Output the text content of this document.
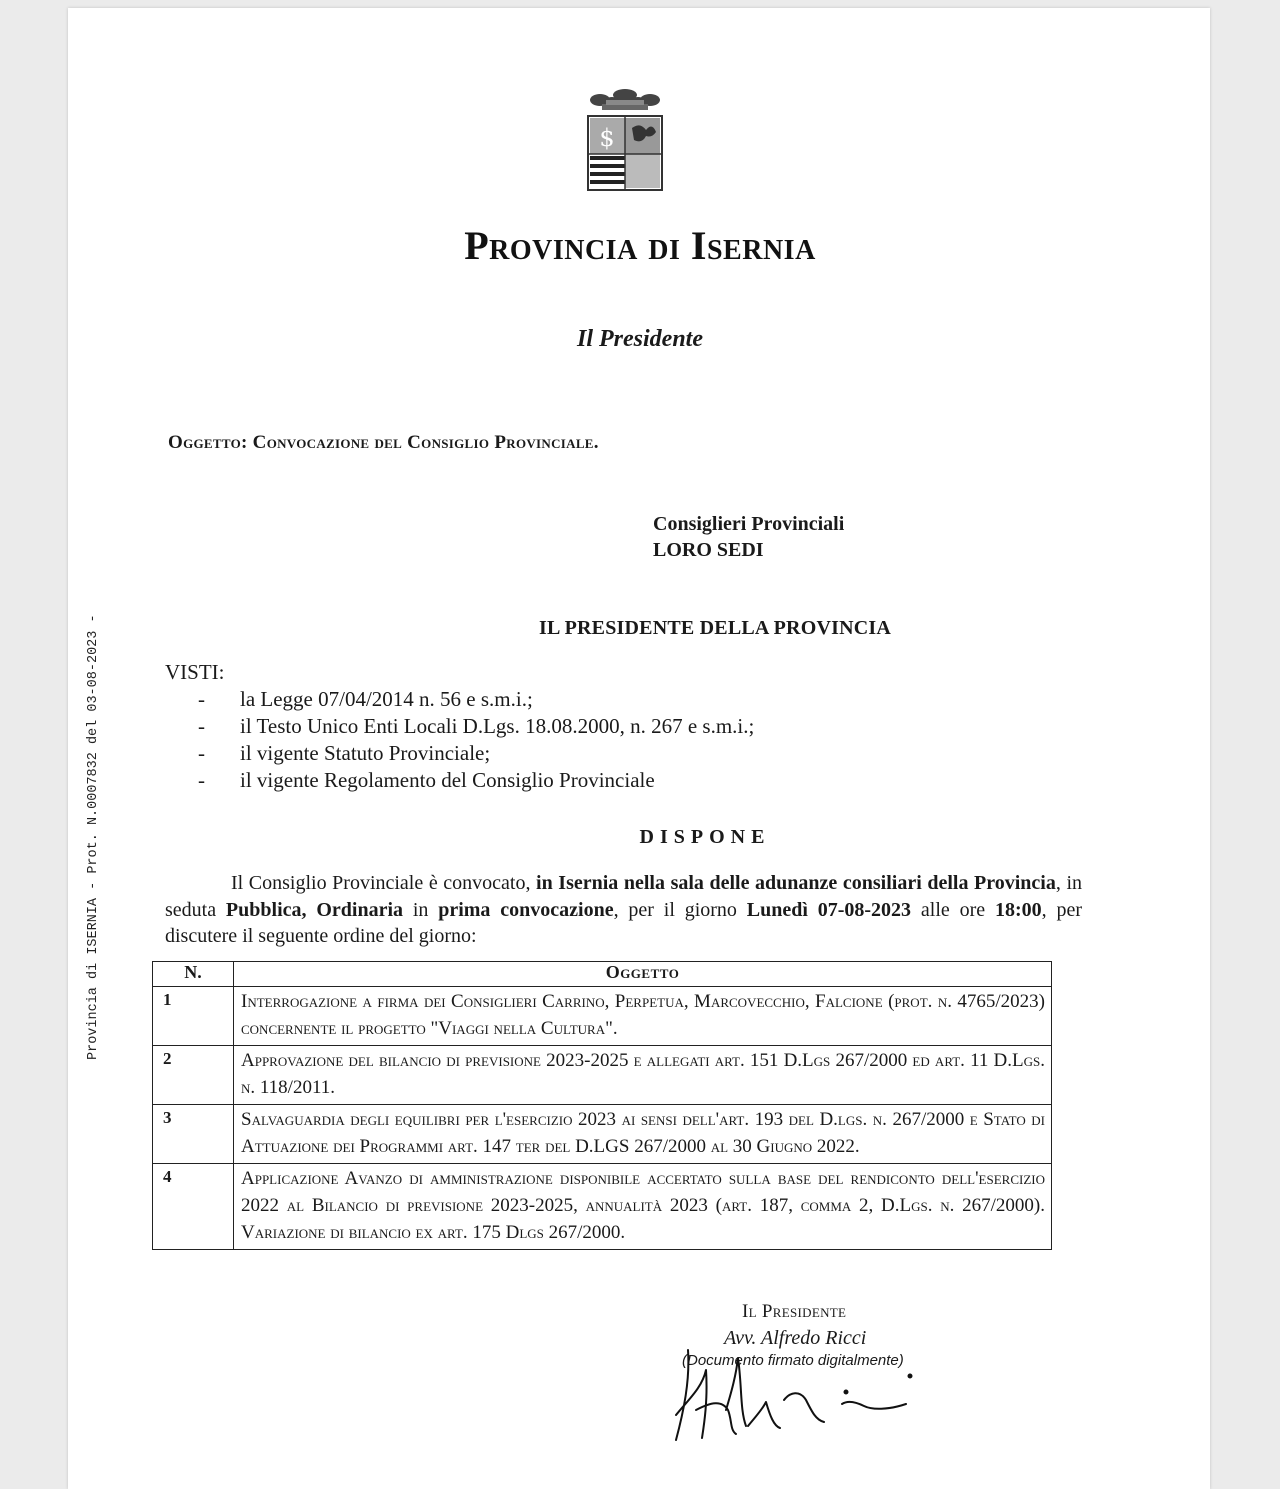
Provincia di ISERNIA - Prot. N.0007832 del 03-08-2023 -
$
Provincia di Isernia
Il Presidente
Oggetto: Convocazione del Consiglio Provinciale.
Consiglieri Provinciali
LORO SEDI
IL PRESIDENTE DELLA PROVINCIA
VISTI:
- la Legge 07/04/2014 n. 56 e s.m.i.;
- il Testo Unico Enti Locali D.Lgs. 18.08.2000, n. 267 e s.m.i.;
- il vigente Statuto Provinciale;
- il vigente Regolamento del Consiglio Provinciale
DISPONE
Il Consiglio Provinciale è convocato, in Isernia nella sala delle adunanze consiliari della Provincia, in seduta Pubblica, Ordinaria in prima convocazione, per il giorno Lunedì 07-08-2023 alle ore 18:00, per discutere il seguente ordine del giorno:
N.	Oggetto
1	Interrogazione a firma dei Consiglieri Carrino, Perpetua, Marcovecchio, Falcione (prot. n. 4765/2023) concernente il progetto "Viaggi nella Cultura".
2	Approvazione del bilancio di previsione 2023-2025 e allegati art. 151 D.Lgs 267/2000 ed art. 11 D.Lgs. n. 118/2011.
3	Salvaguardia degli equilibri per l'esercizio 2023 ai sensi dell'art. 193 del D.lgs. n. 267/2000 e Stato di Attuazione dei Programmi art. 147 ter del D.LGS 267/2000 al 30 Giugno 2022.
4	Applicazione Avanzo di amministrazione disponibile accertato sulla base del rendiconto dell'esercizio 2022 al Bilancio di previsione 2023-2025, annualità 2023 (art. 187, comma 2, D.Lgs. n. 267/2000). Variazione di bilancio ex art. 175 Dlgs 267/2000.
Il Presidente
Avv. Alfredo Ricci
(Documento firmato digitalmente)
